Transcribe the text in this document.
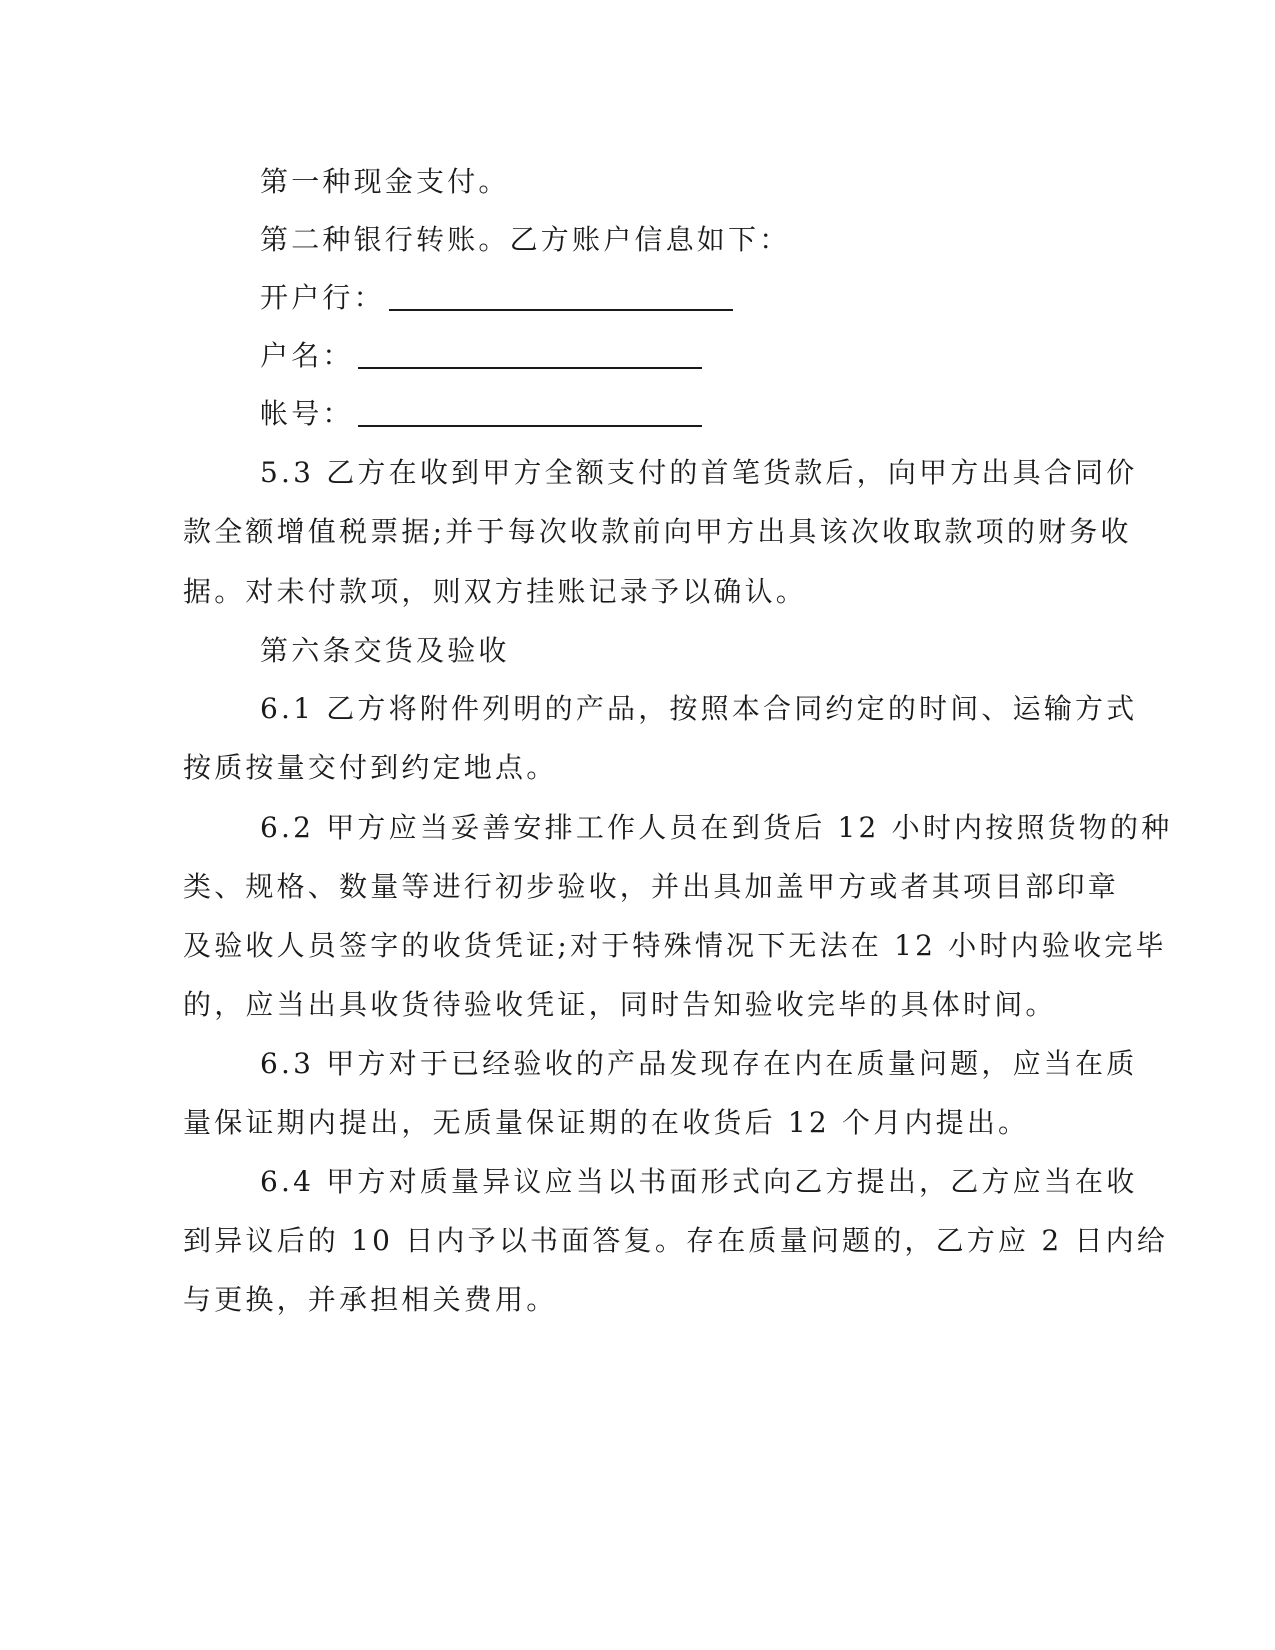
第一种现金支付。
第二种银行转账。乙方账户信息如下：
开户行：
户名：
帐号：
5.3 乙方在收到甲方全额支付的首笔货款后，向甲方出具合同价
款全额增值税票据;并于每次收款前向甲方出具该次收取款项的财务收
据。对未付款项，则双方挂账记录予以确认。
第六条交货及验收
6.1 乙方将附件列明的产品，按照本合同约定的时间、运输方式
按质按量交付到约定地点。
6.2 甲方应当妥善安排工作人员在到货后 12 小时内按照货物的种
类、规格、数量等进行初步验收，并出具加盖甲方或者其项目部印章
及验收人员签字的收货凭证;对于特殊情况下无法在 12 小时内验收完毕
的，应当出具收货待验收凭证，同时告知验收完毕的具体时间。
6.3 甲方对于已经验收的产品发现存在内在质量问题，应当在质
量保证期内提出，无质量保证期的在收货后 12 个月内提出。
6.4 甲方对质量异议应当以书面形式向乙方提出，乙方应当在收
到异议后的 10 日内予以书面答复。存在质量问题的，乙方应 2 日内给
与更换，并承担相关费用。
